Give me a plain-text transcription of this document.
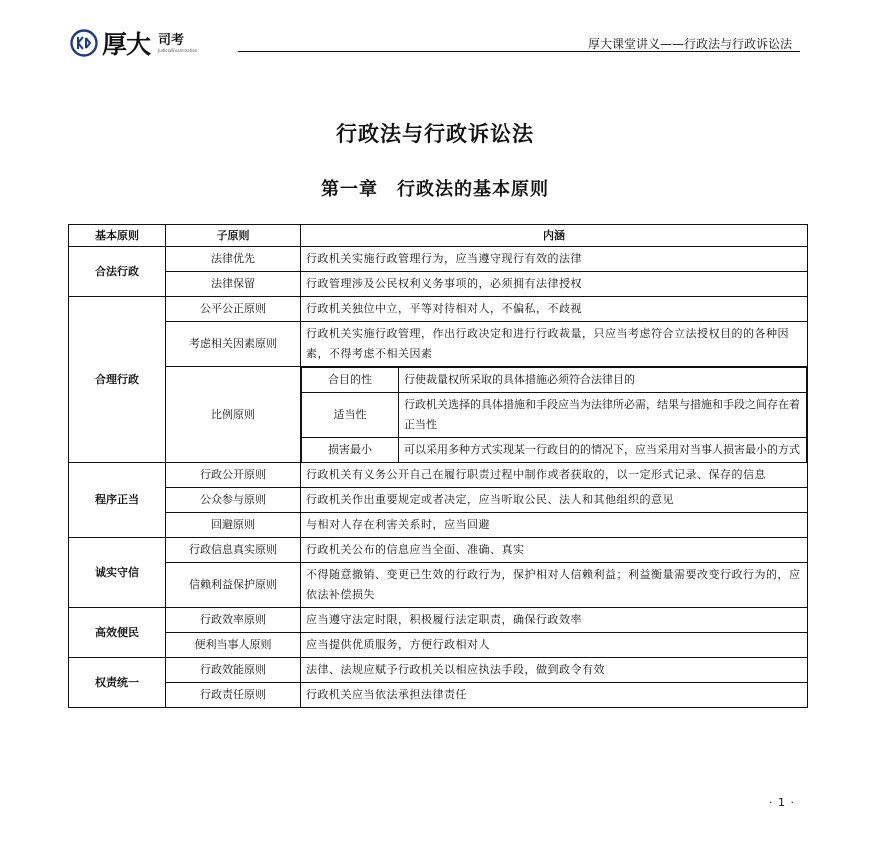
厚大 司考
JudicialExamination	厚大课堂讲义——行政法与行政诉讼法
行政法与行政诉讼法
第一章　行政法的基本原则
基本原则	子原则	内涵
合法行政	法律优先	行政机关实施行政管理行为，应当遵守现行有效的法律
法律保留	行政管理涉及公民权利义务事项的，必须拥有法律授权
合理行政	公平公正原则	行政机关独位中立，平等对待相对人，不偏私，不歧视
考虑相关因素原则	行政机关实施行政管理，作出行政决定和进行行政裁量，只应当考虑符合立法授权目的的各种因素，不得考虑不相关因素
比例原则	
合目的性	行使裁量权所采取的具体措施必须符合法律目的
适当性	行政机关选择的具体措施和手段应当为法律所必需，结果与措施和手段之间存在着正当性
损害最小	可以采用多种方式实现某一行政目的的情况下，应当采用对当事人损害最小的方式

程序正当	行政公开原则	行政机关有义务公开自己在履行职责过程中制作或者获取的，以一定形式记录、保存的信息
公众参与原则	行政机关作出重要规定或者决定，应当听取公民、法人和其他组织的意见
回避原则	与相对人存在利害关系时，应当回避
诚实守信	行政信息真实原则	行政机关公布的信息应当全面、准确、真实
信赖利益保护原则	不得随意撤销、变更已生效的行政行为，保护相对人信赖利益；利益衡量需要改变行政行为的，应依法补偿损失
高效便民	行政效率原则	应当遵守法定时限，积极履行法定职责，确保行政效率
便利当事人原则	应当提供优质服务，方便行政相对人
权责统一	行政效能原则	法律、法规应赋予行政机关以相应执法手段，做到政令有效
行政责任原则	行政机关应当依法承担法律责任
· 1 ·
